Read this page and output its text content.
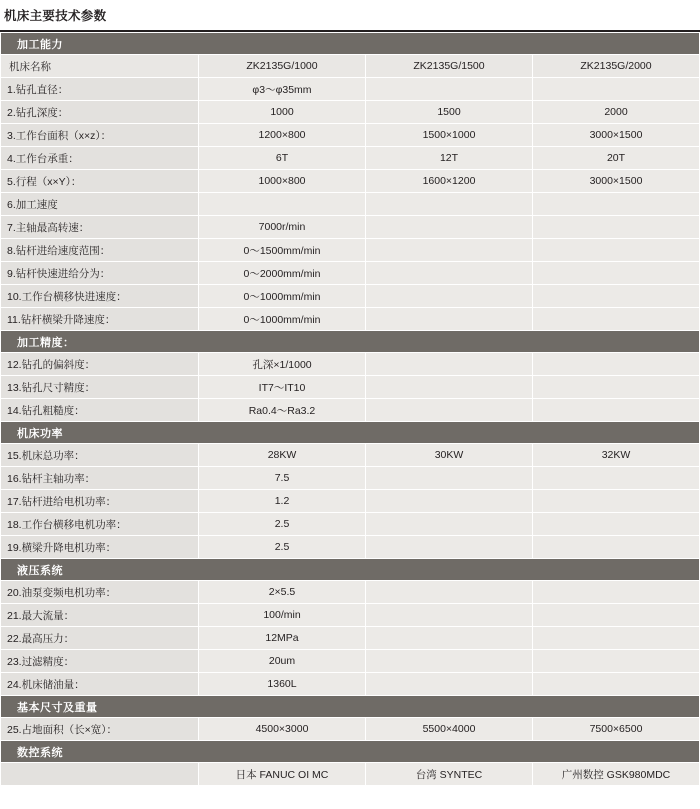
机床主要技术参数
加工能力			
机床名称	ZK2135G/1000	ZK2135G/1500	ZK2135G/2000
1.钻孔直径：	φ3～φ35mm		
2.钻孔深度：	1000	1500	2000
3.工作台面积（x×z）：	1200×800	1500×1000	3000×1500
4.工作台承重：	6T	12T	20T
5.行程（x×Y）：	1000×800	1600×1200	3000×1500
6.加工速度			
7.主轴最高转速：	7000r/min		
8.钻杆进给速度范围：	0～1500mm/min		
9.钻杆快速进给分为：	0～2000mm/min		
10.工作台横移快进速度：	0～1000mm/min		
11.钻杆横梁升降速度：	0～1000mm/min		
加工精度：			
12.钻孔的偏斜度：	孔深×1/1000		
13.钻孔尺寸精度：	IT7～IT10		
14.钻孔粗糙度：	Ra0.4～Ra3.2		
机床功率			
15.机床总功率：	28KW	30KW	32KW
16.钻杆主轴功率：	7.5		
17.钻杆进给电机功率：	1.2		
18.工作台横移电机功率：	2.5		
19.横梁升降电机功率：	2.5		
液压系统			
20.油泵变频电机功率：	2×5.5		
21.最大流量：	100/min		
22.最高压力：	12MPa		
23.过滤精度：	20um		
24.机床储油量：	1360L		
基本尺寸及重量			
25.占地面积（长×宽）：	4500×3000	5500×4000	7500×6500
数控系统			
	日本 FANUC OI MC	台湾 SYNTEC	广州数控 GSK980MDC
